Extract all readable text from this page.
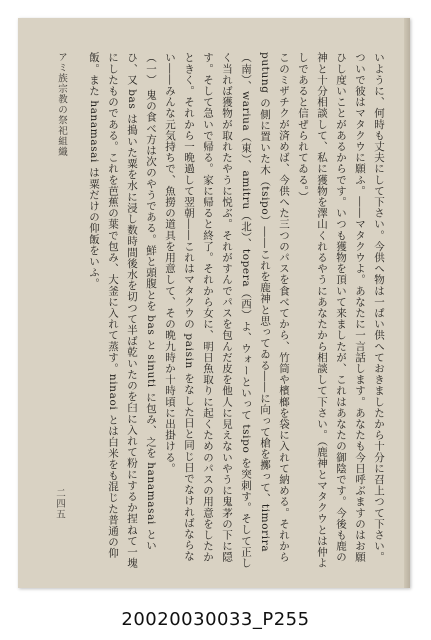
いように、何時も丈夫にして下さい。今供へ物は一ぱい供へておきましたから十分に召上つて下さい。

ついで彼はマタクウに願ふ。――マタクウよ。あなたに一言話します。あなたも今日呼ぶますのはお願ひし度いことがあるからです。いつも獲物を頂いて来ましたが、これはあなたの御陰です。今後も鹿の神と十分相談して、私に獲物を澤山くれるやうにあなたから相談して下さい。（鹿神とマタクウとは仲よしであると信ぜられてゐる。）

このミザチクが済めば、今供へた三つのパスを食べてから、竹筒や檳榔を袋に入れて納める。それから putung の側に置いた木（tsipo）――これを鹿神と思ってゐる――に向って槍を擲って、timorira（南）、wariua（東）、amitru（北）、topera（西）よ、ウォーといって tsipo を突刺す。そして正しく当れば獲物が取れたやうに悦ぶ。それがすんでパスを包んだ皮を他人に見えないやうに鬼茅の下に隠す。そして急いで帰る。家に帰ると終了。それから女に、明日魚取りに起くためのパスの用意をしたかときく。それから一晩過して翌朝――これはマタクウの paisin をなした日と同じ日でなければならない――みんな元気持ちで、魚撈の道具を用意して、その晩九時か十時頃に出掛ける。

（一） 鬼の食べ方は次のやうである。鮮と頭腹とを bas と sinuti に包み、之を hanamasai といひ、又 bas は搗いた粟を水に浸し数時間後水を切つて半ば乾いたのを臼に入れて粉にするか捏ねて一塊にしたものである。これを芭蕉の葉で包み、大釜に入れて蒸す。ninaoi とは白米をも混じた普通の仰飯。また hanamasai は粟だけの仰飯をいふ。

アミ族宗教の祭祀組織
二四五
20020030033_P255
